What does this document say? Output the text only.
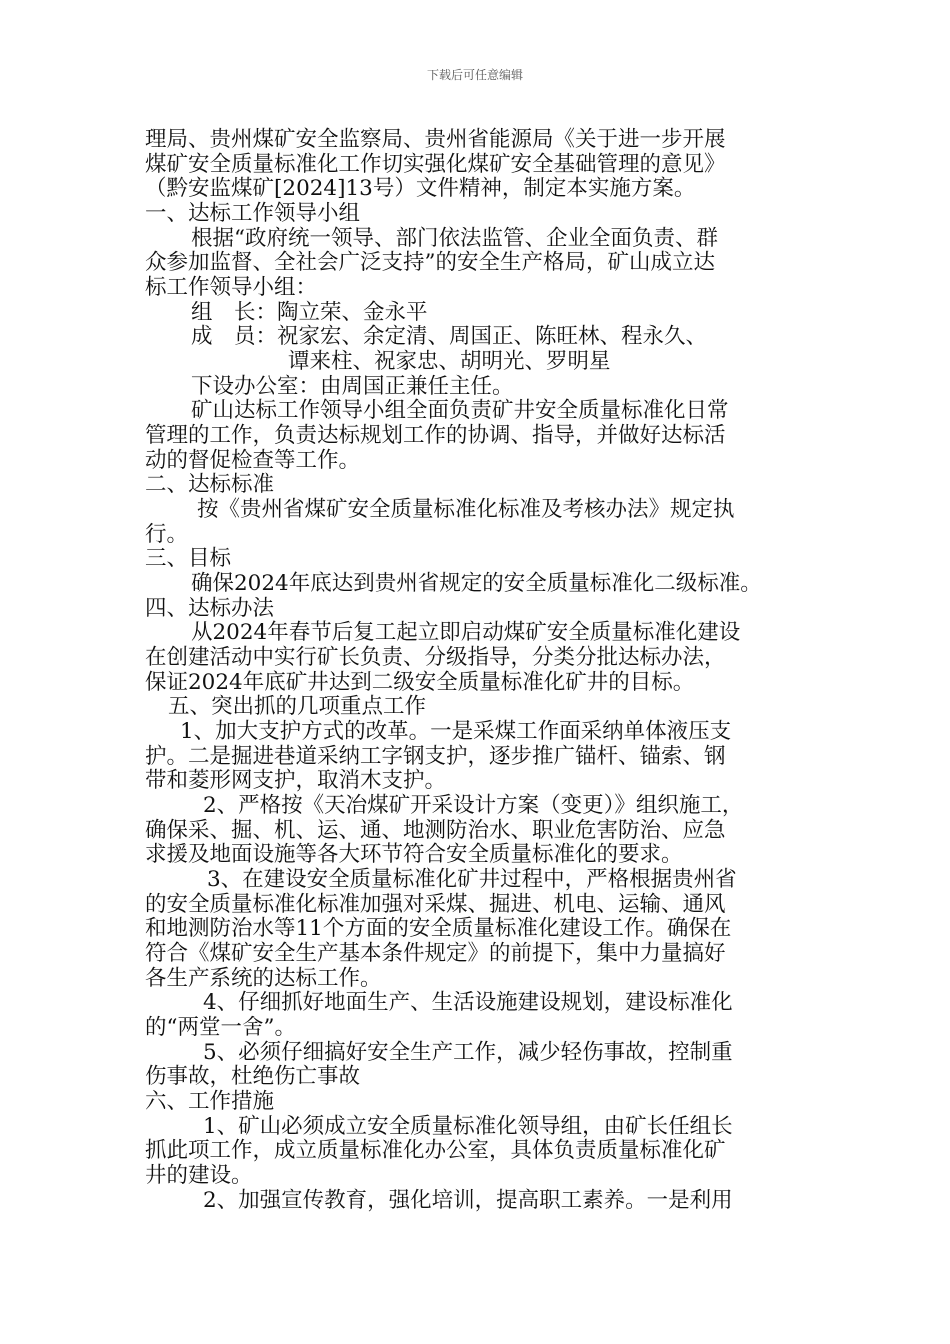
下载后可任意编辑
理局、贵州煤矿安全监察局、贵州省能源局《关于进一步开展
煤矿安全质量标准化工作切实强化煤矿安全基础管理的意见》
（黔安监煤矿[2024]13号）文件精神，制定本实施方案。
一、达标工作领导小组
根据“政府统一领导、部门依法监管、企业全面负责、群
众参加监督、全社会广泛支持”的安全生产格局，矿山成立达
标工作领导小组：
组　长：陶立荣、金永平
成　员：祝家宏、余定清、周国正、陈旺林、程永久、
谭来柱、祝家忠、胡明光、罗明星
下设办公室：由周国正兼任主任。
矿山达标工作领导小组全面负责矿井安全质量标准化日常
管理的工作，负责达标规划工作的协调、指导，并做好达标活
动的督促检查等工作。
二、达标标准
按《贵州省煤矿安全质量标准化标准及考核办法》规定执
行。
三、目标
确保2024年底达到贵州省规定的安全质量标准化二级标准。
四、达标办法
从2024年春节后复工起立即启动煤矿安全质量标准化建设
在创建活动中实行矿长负责、分级指导，分类分批达标办法，
保证2024年底矿井达到二级安全质量标准化矿井的目标。
五、突出抓的几项重点工作
1、加大支护方式的改革。一是采煤工作面采纳单体液压支
护。二是掘进巷道采纳工字钢支护，逐步推广锚杆、锚索、钢
带和菱形网支护，取消木支护。
2、严格按《天冶煤矿开采设计方案（变更）》组织施工，
确保采、掘、机、运、通、地测防治水、职业危害防治、应急
求援及地面设施等各大环节符合安全质量标准化的要求。
3、在建设安全质量标准化矿井过程中，严格根据贵州省
的安全质量标准化标准加强对采煤、掘进、机电、运输、通风
和地测防治水等11个方面的安全质量标准化建设工作。确保在
符合《煤矿安全生产基本条件规定》的前提下，集中力量搞好
各生产系统的达标工作。
4、仔细抓好地面生产、生活设施建设规划，建设标准化
的“两堂一舍”。
5、必须仔细搞好安全生产工作，减少轻伤事故，控制重
伤事故，杜绝伤亡事故
六、工作措施
1、矿山必须成立安全质量标准化领导组，由矿长任组长
抓此项工作，成立质量标准化办公室，具体负责质量标准化矿
井的建设。
2、加强宣传教育，强化培训，提高职工素养。一是利用
